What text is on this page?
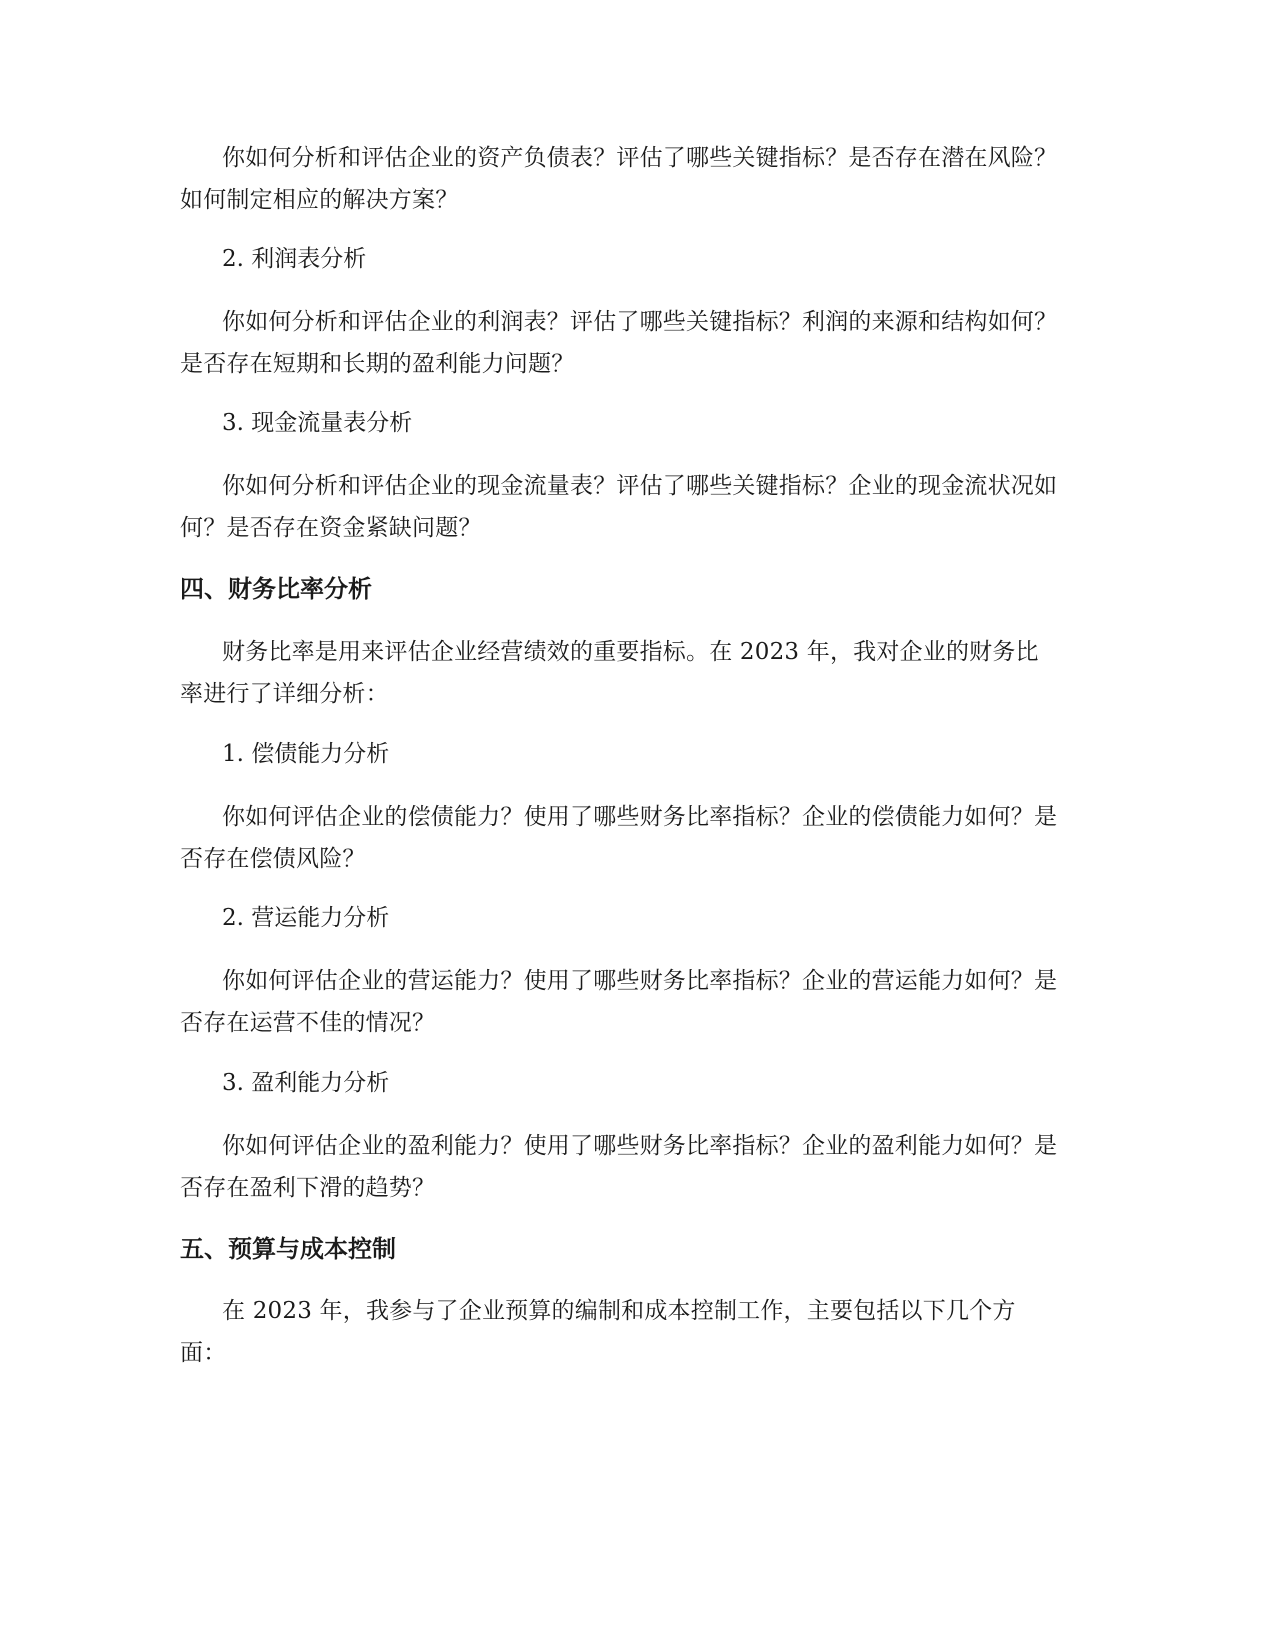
你如何分析和评估企业的资产负债表？评估了哪些关键指标？是否存在潜在风险？如何制定相应的解决方案？

2. 利润表分析

你如何分析和评估企业的利润表？评估了哪些关键指标？利润的来源和结构如何？是否存在短期和长期的盈利能力问题？

3. 现金流量表分析

你如何分析和评估企业的现金流量表？评估了哪些关键指标？企业的现金流状况如何？是否存在资金紧缺问题？

四、财务比率分析

财务比率是用来评估企业经营绩效的重要指标。在 2023 年，我对企业的财务比率进行了详细分析：

1. 偿债能力分析

你如何评估企业的偿债能力？使用了哪些财务比率指标？企业的偿债能力如何？是否存在偿债风险？

2. 营运能力分析

你如何评估企业的营运能力？使用了哪些财务比率指标？企业的营运能力如何？是否存在运营不佳的情况？

3. 盈利能力分析

你如何评估企业的盈利能力？使用了哪些财务比率指标？企业的盈利能力如何？是否存在盈利下滑的趋势？

五、预算与成本控制

在 2023 年，我参与了企业预算的编制和成本控制工作，主要包括以下几个方面：
